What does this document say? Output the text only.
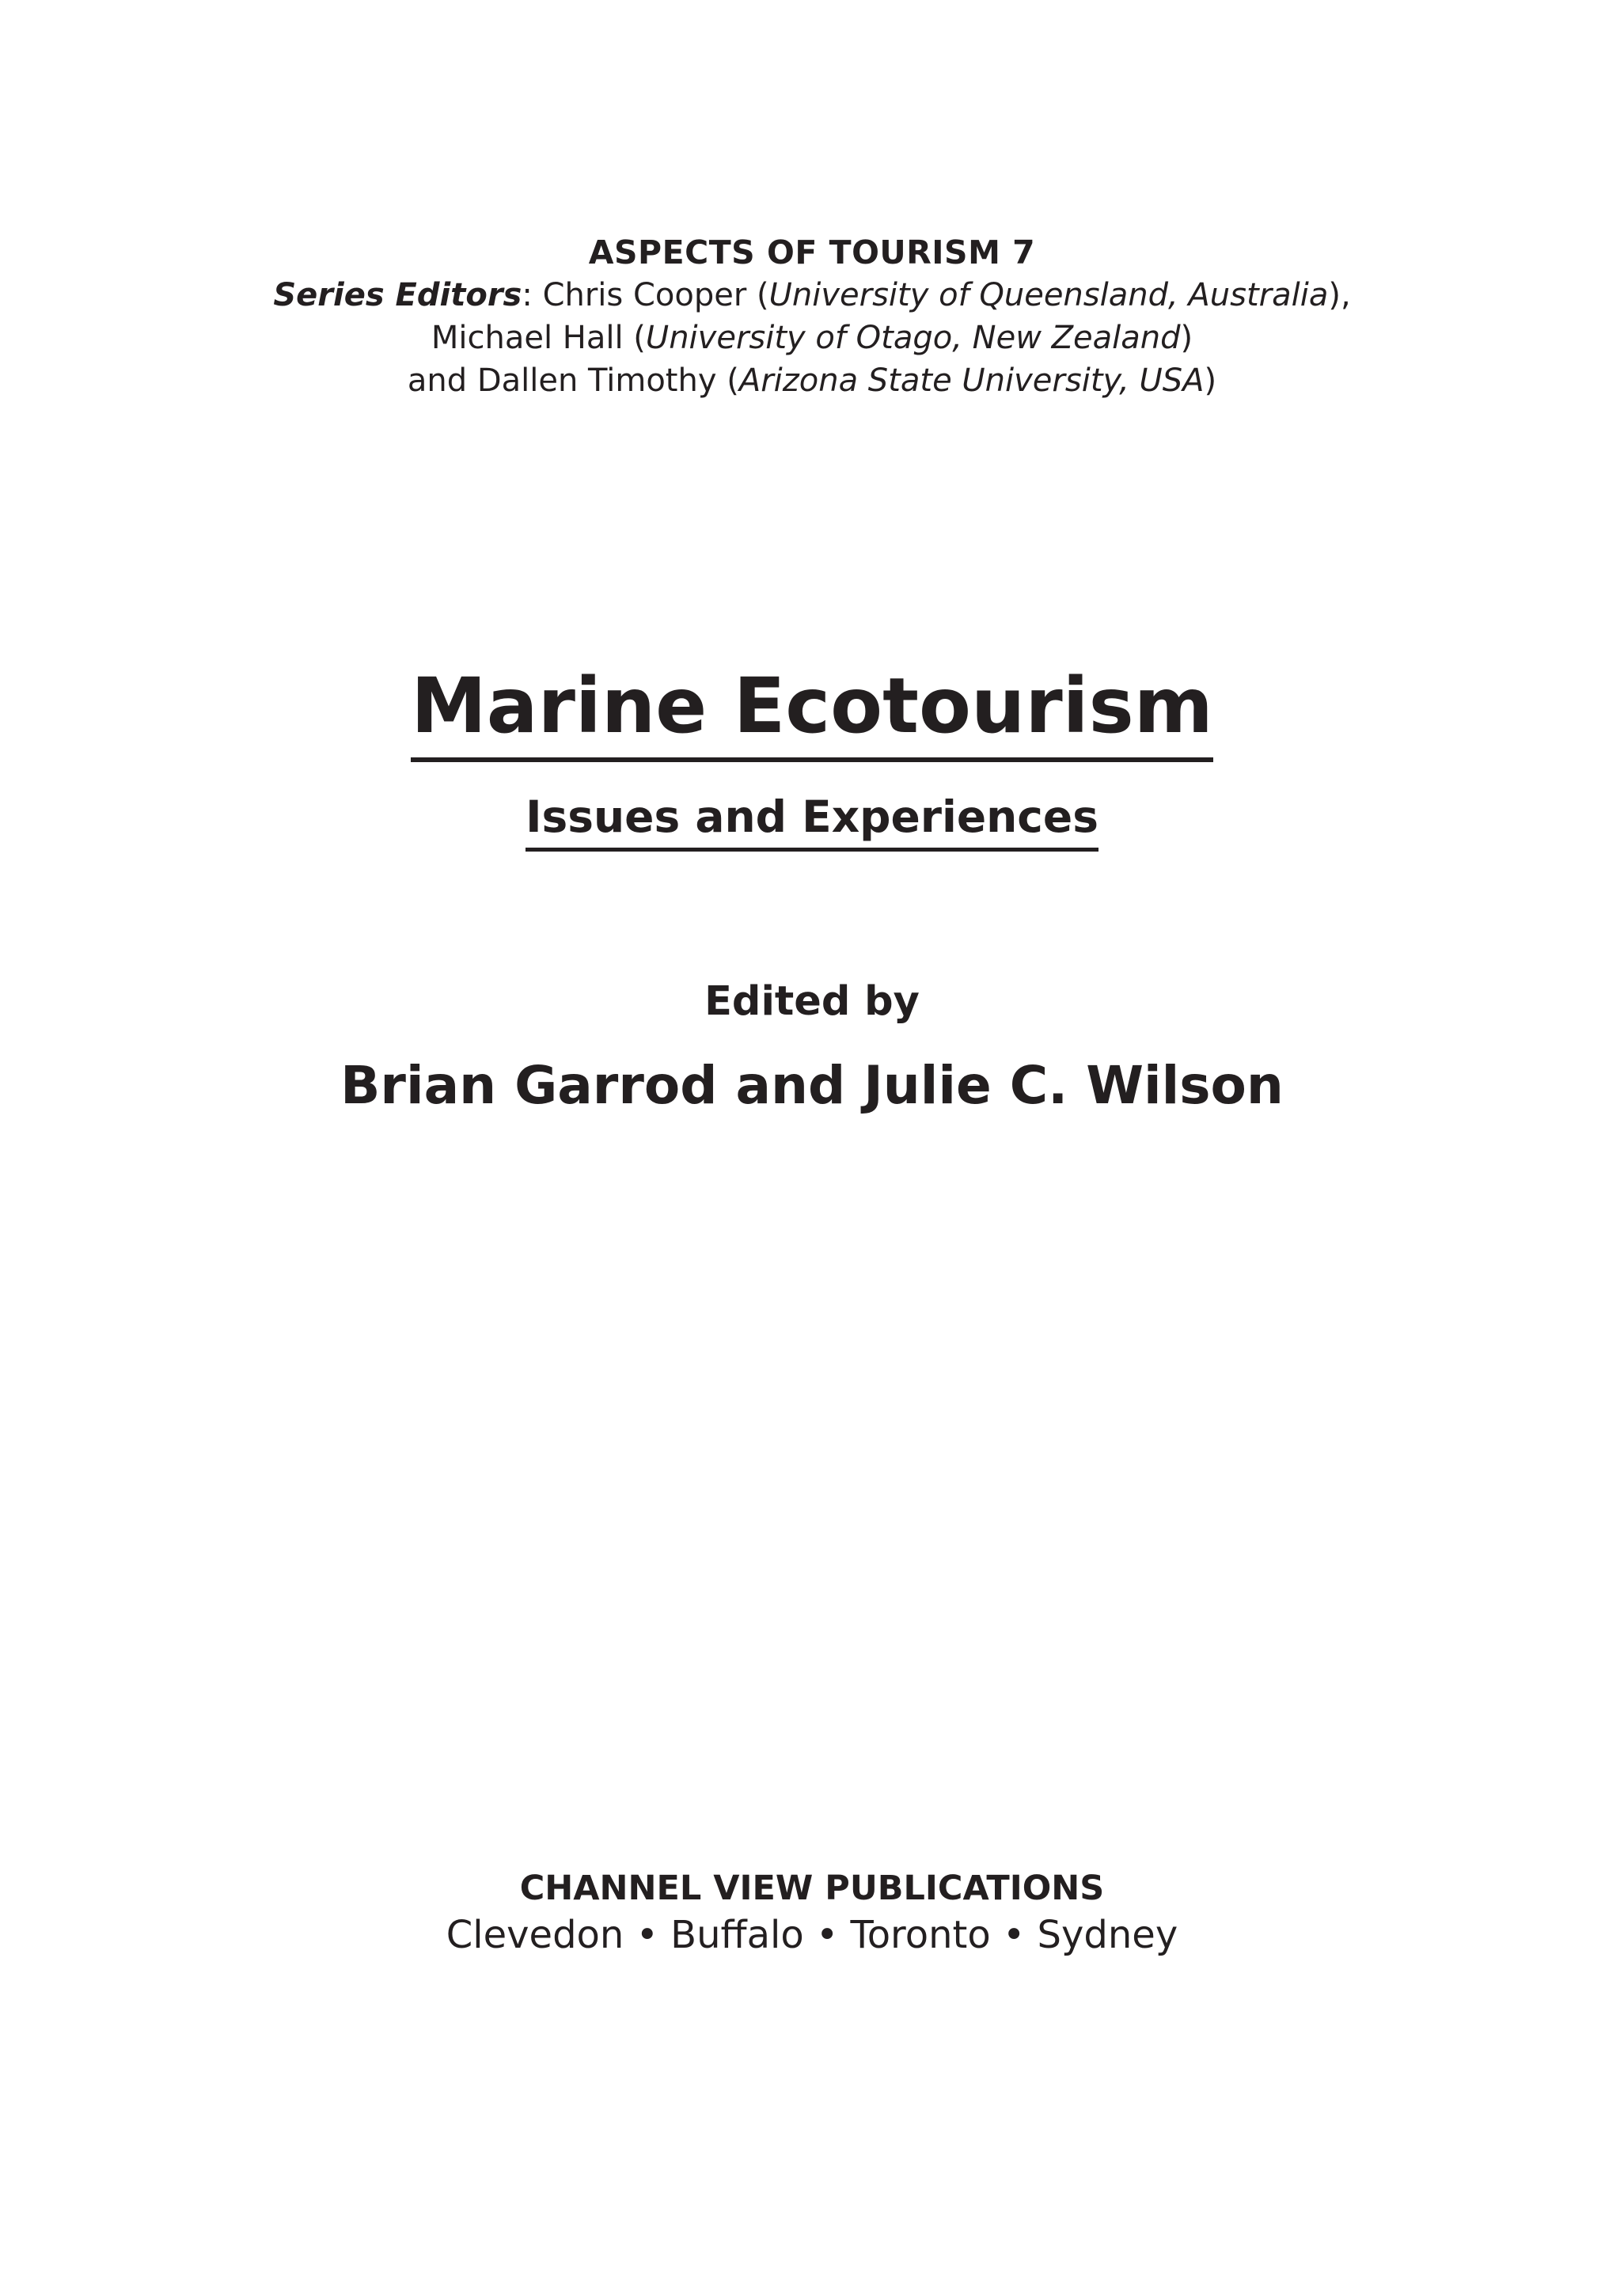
ASPECTS OF TOURISM 7
Series Editors: Chris Cooper (University of Queensland, Australia),
Michael Hall (University of Otago, New Zealand)
and Dallen Timothy (Arizona State University, USA)
Marine Ecotourism
Issues and Experiences
Edited by
Brian Garrod and Julie C. Wilson
CHANNEL VIEW PUBLICATIONS
Clevedon • Buffalo • Toronto • Sydney
